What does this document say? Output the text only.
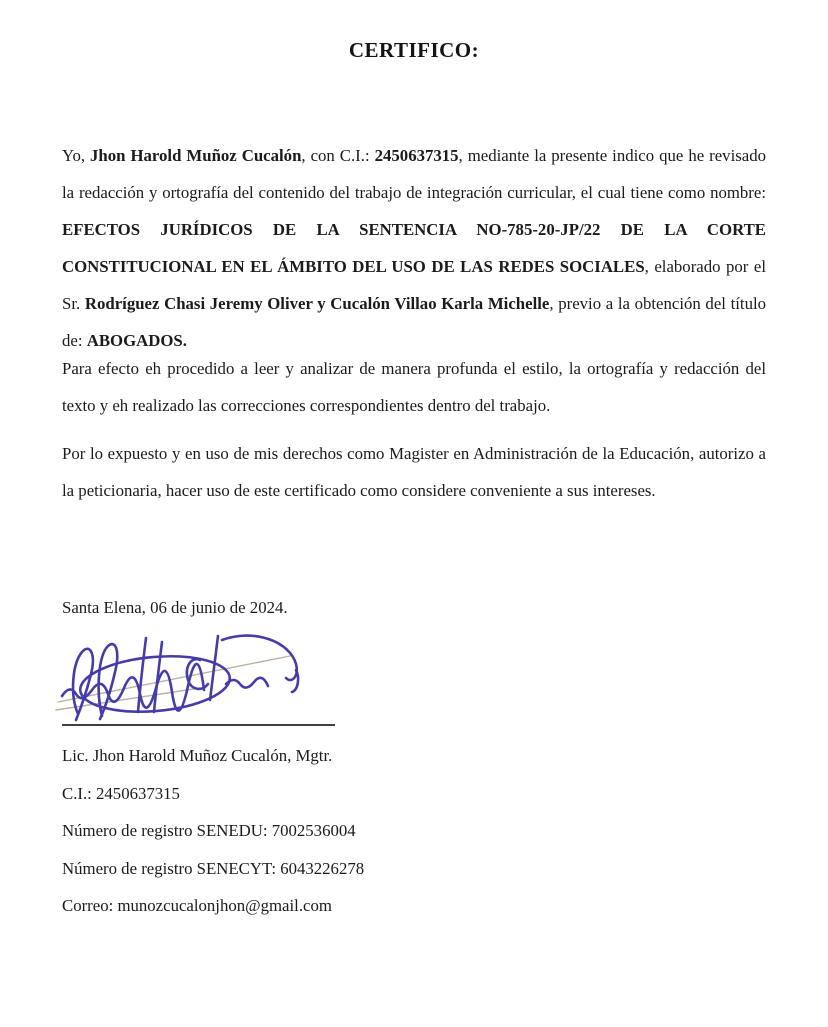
CERTIFICO:

Yo, Jhon Harold Muñoz Cucalón, con C.I.: 2450637315, mediante la presente indico que he revisado la redacción y ortografía del contenido del trabajo de integración curricular, el cual tiene como nombre: EFECTOS JURÍDICOS DE LA SENTENCIA NO-785-20-JP/22 DE LA CORTE CONSTITUCIONAL EN EL ÁMBITO DEL USO DE LAS REDES SOCIALES, elaborado por el Sr. Rodríguez Chasi Jeremy Oliver y Cucalón Villao Karla Michelle, previo a la obtención del título de: ABOGADOS.

Para efecto eh procedido a leer y analizar de manera profunda el estilo, la ortografía y redacción del texto y eh realizado las correcciones correspondientes dentro del trabajo.

Por lo expuesto y en uso de mis derechos como Magister en Administración de la Educación, autorizo a la peticionaria, hacer uso de este certificado como considere conveniente a sus intereses.

Santa Elena, 06 de junio de 2024.

Lic. Jhon Harold Muñoz Cucalón, Mgtr.

C.I.: 2450637315

Número de registro SENEDU: 7002536004

Número de registro SENECYT: 6043226278

Correo: munozcucalonjhon@gmail.com
